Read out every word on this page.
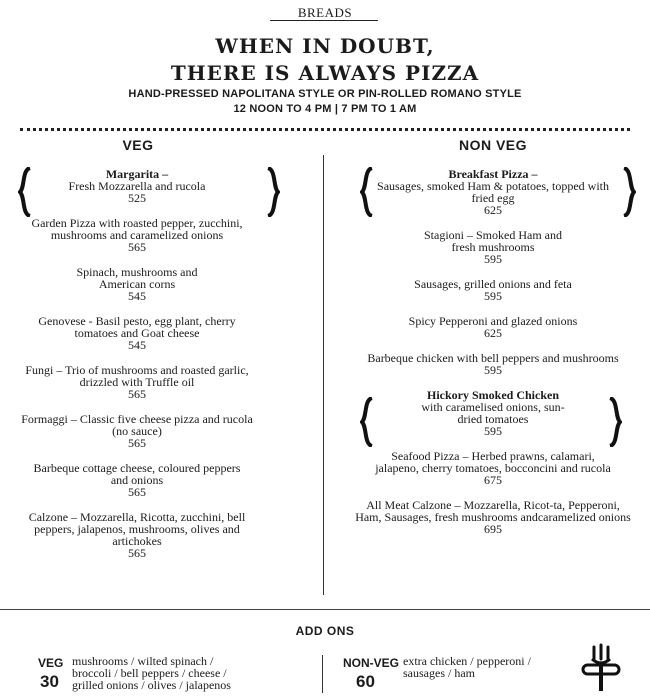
BREADS
WHEN IN DOUBT,
THERE IS ALWAYS PIZZA
HAND-PRESSED NAPOLITANA STYLE OR PIN-ROLLED ROMANO STYLE
12 NOON TO 4 PM | 7 PM TO 1 AM
VEG	NON VEG
Margarita –
Fresh Mozzarella and rucola
525
Garden Pizza with roasted pepper, zucchini, mushrooms and caramelized onions
565
Spinach, mushrooms and American corns
545
Genovese - Basil pesto, egg plant, cherry tomatoes and Goat cheese
545
Fungi – Trio of mushrooms and roasted garlic, drizzled with Truffle oil
565
Formaggi – Classic five cheese pizza and rucola (no sauce)
565
Barbeque cottage cheese, coloured peppers and onions
565
Calzone – Mozzarella, Ricotta, zucchini, bell peppers, jalapenos, mushrooms, olives and artichokes
565
Breakfast Pizza –
Sausages, smoked Ham & potatoes, topped with fried egg
625
Stagioni – Smoked Ham and fresh mushrooms
595
Sausages, grilled onions and feta
595
Spicy Pepperoni and glazed onions
625
Barbeque chicken with bell peppers and mushrooms
595
Hickory Smoked Chicken
with caramelised onions, sun-dried tomatoes
595
Seafood Pizza – Herbed prawns, calamari, jalapeno, cherry tomatoes, bocconcini and rucola
675
All Meat Calzone – Mozzarella, Ricot-ta, Pepperoni, Ham, Sausages, fresh mushrooms andcaramelized onions
695
ADD ONS
VEG
30
mushrooms / wilted spinach /
broccoli / bell peppers / cheese /
grilled onions / olives / jalapenos
NON-VEG
60
extra chicken / pepperoni /
sausages / ham
